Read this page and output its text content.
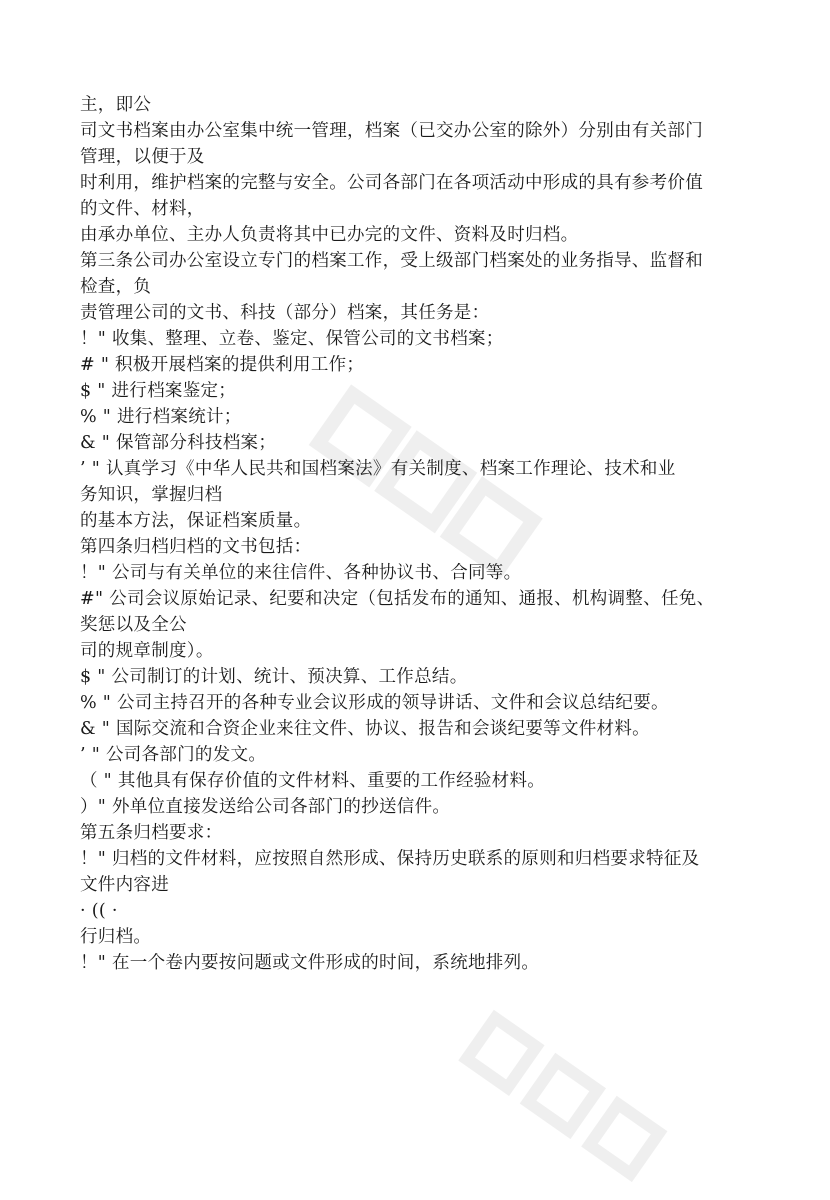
主，即公

司文书档案由办公室集中统一管理，档案（已交办公室的除外）分别由有关部门

管理，以便于及

时利用，维护档案的完整与安全。公司各部门在各项活动中形成的具有参考价值

的文件、材料，

由承办单位、主办人负责将其中已办完的文件、资料及时归档。

第三条公司办公室设立专门的档案工作，受上级部门档案处的业务指导、监督和

检查，负

责管理公司的文书、科技（部分）档案，其任务是：

！" 收集、整理、立卷、鉴定、保管公司的文书档案；

# " 积极开展档案的提供利用工作；

$ " 进行档案鉴定；

% " 进行档案统计；

& " 保管部分科技档案；

’ " 认真学习《中华人民共和国档案法》有关制度、档案工作理论、技术和业

务知识，掌握归档

的基本方法，保证档案质量。

第四条归档归档的文书包括：

！" 公司与有关单位的来往信件、各种协议书、合同等。

#" 公司会议原始记录、纪要和决定（包括发布的通知、通报、机构调整、任免、

奖惩以及全公

司的规章制度）。

$ " 公司制订的计划、统计、预决算、工作总结。

% " 公司主持召开的各种专业会议形成的领导讲话、文件和会议总结纪要。

& " 国际交流和合资企业来往文件、协议、报告和会谈纪要等文件材料。

’ " 公司各部门的发文。

（ " 其他具有保存价值的文件材料、重要的工作经验材料。

）" 外单位直接发送给公司各部门的抄送信件。

第五条归档要求：

！" 归档的文件材料，应按照自然形成、保持历史联系的原则和归档要求特征及

文件内容进

· (( ·

行归档。

！" 在一个卷内要按问题或文件形成的时间，系统地排列。
